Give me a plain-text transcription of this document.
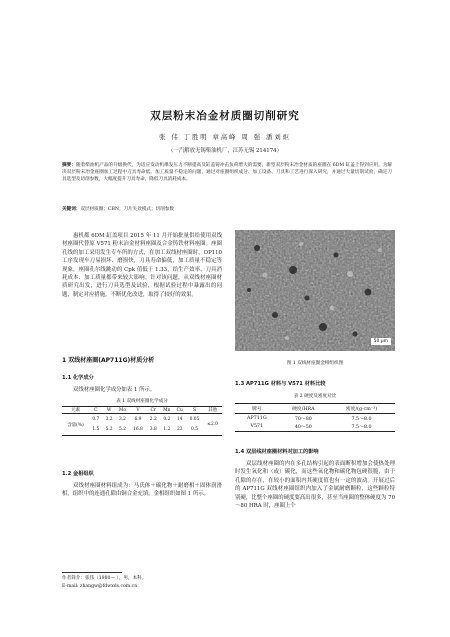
双层粉末冶金材质圈切削研究
张 伟 丁胜明 章高峰 周 强 潘刘炬
（一汽解放无锡柴油机厂，江苏无锡 214174）
摘要：随着柴油机产品的升级换代，为适应发动机爆发压力不断提高及缸盖铸冲击负荷增大的需要，新型双层粉末冶金材质的座圈在 6DM 缸盖上得到应用。为解决双层粉末冶金座圈加工过程中刀具寿命低、加工质量不稳定的问题，通过对座圈组织成分、加工设备、刀具和工艺进行深入研究，并通过大量切削试验，确定刀具选型及切削参数，大幅度提升刀具寿命，降低刀具消耗成本。
关键词：双层材质圈；CBN；刀片失效模式；切削参数
惠机都 6DM 缸盖项目 2015 年 11 月开始批量供给使用双线材座圈代替原 V571 粉末冶金材料座圈及合金铸铁材料座圈。座圈孔线的加工采用发生专车所的方式，在加工双线材座圈时，OP110 工序发现车刀易损坏、磨损快，刀具寿命偏低，加工质量不稳定等现象，座圈孔尔线跳动的 Cpk 值低于 1.33，给生产效率、刀具消耗成本、加工质量都带来较大影响。针对该问题，从双线材座圈材质研究出发，进行刀具选型及试验，根据试验过程中暴露出的问题，制定对应措施，不断优化改进，取得了较好的效果。
1 双线材座圈(AP711G)材质分析
1.1 化学成分
双线材座圈化学成分如表 1 所示。
表 1 双线材座圈化学成分
元素	C	W	Mo	V	Cr	Mn	Cu	S	其他
含量(%)	0.7	3.2	3.2	6.9	2.2	0.2	14	0.05	≤2.0
	1.5	5.2	5.2	16.8	3.8	1.2	23	0.5	
1.2 金相组织
双线材座圈材料组成为：马氏体＋碳化物＋耐磨相＋固体润滑相，组织中的连通孔隙由铜合金充填。金相组织如图 1 所示。
作者简介：张伟（1980— ），男，本科。
E-mail: zhangw@fdwxds.com.cn
50 μm
图 1 双线材座圈金相组织图
1.3 AP711G 材料与 V571 材料比较
表 2 硬度及密度对比
牌号	硬度/HRA	密度/(g·cm⁻³)
AP711G	70～80	7.5～8.0
V571	40～50	7.5～8.0
1.4 双层线材座圈材料对加工的影响
双层线材座圈的内在多孔结构引起的表面断积增加会使热处理时发生氧化和（或）碳化，而这些氧化物和碳化物包硬很脆，由于孔隙的存在，在较小的面积内其硬度值也有一定的波动。开展过后的 AP711G 双线材座圈组织内加入了金属耐磨颗粒，这些颗粒特别硬，比整个座圈的硬度要高出很多，甚至当座圈的整体硬度为 70～80 HRA 时，座圈上个
